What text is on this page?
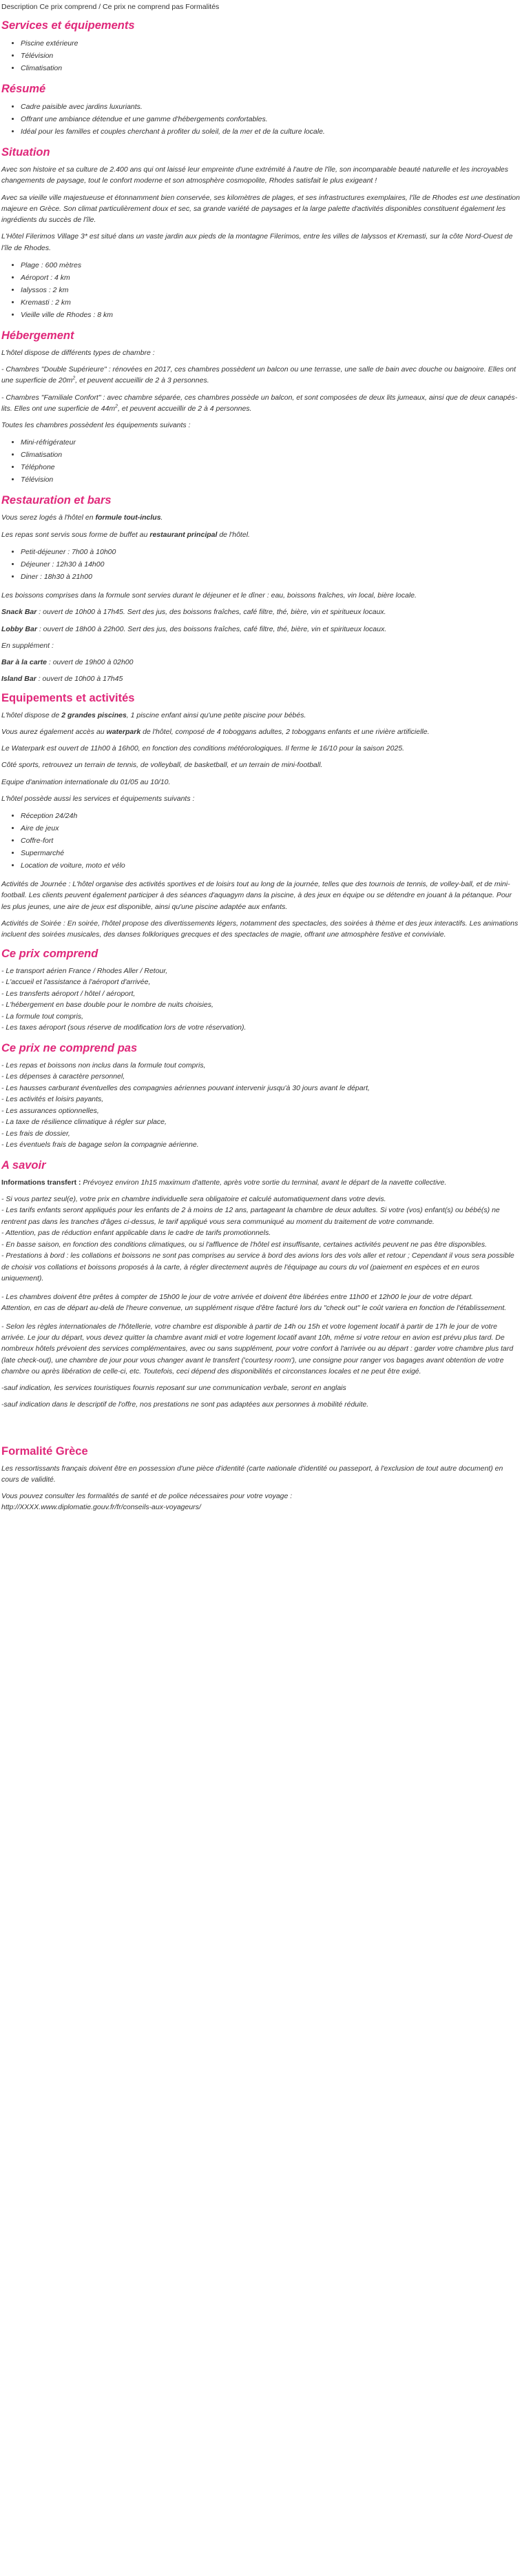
Description Ce prix comprend / Ce prix ne comprend pas Formalités
Services et équipements
• Piscine extérieure
• Télévision
• Climatisation
Résumé
• Cadre paisible avec jardins luxuriants.
• Offrant une ambiance détendue et une gamme d'hébergements confortables.
• Idéal pour les familles et couples cherchant à profiter du soleil, de la mer et de la culture locale.
Situation

Avec son histoire et sa culture de 2.400 ans qui ont laissé leur empreinte d'une extrémité à l'autre de l'île, son incomparable beauté naturelle et les incroyables changements de paysage, tout le confort moderne et son atmosphère cosmopolite, Rhodes satisfait le plus exigeant !

Avec sa vieille ville majestueuse et étonnamment bien conservée, ses kilomètres de plages, et ses infrastructures exemplaires, l'île de Rhodes est une destination majeure en Grèce. Son climat particulièrement doux et sec, sa grande variété de paysages et la large palette d'activités disponibles constituent également les ingrédients du succès de l'île.

L'Hôtel Filerimos Village 3* est situé dans un vaste jardin aux pieds de la montagne Filerimos, entre les villes de Ialyssos et Kremasti, sur la côte Nord-Ouest de l'île de Rhodes.

• Plage : 600 mètres
• Aéroport : 4 km
• Ialyssos : 2 km
• Kremasti : 2 km
• Vieille ville de Rhodes : 8 km
Hébergement

L'hôtel dispose de différents types de chambre :

- Chambres "Double Supérieure" : rénovées en 2017, ces chambres possèdent un balcon ou une terrasse, une salle de bain avec douche ou baignoire. Elles ont une superficie de $20m^2$, et peuvent accueillir de 2 à 3 personnes.

- Chambres "Familiale Confort" : avec chambre séparée, ces chambres possède un balcon, et sont composées de deux lits jumeaux, ainsi que de deux canapés-lits. Elles ont une superficie de $44m^2$, et peuvent accueillir de 2 à 4 personnes.

Toutes les chambres possèdent les équipements suivants :

• Mini-réfrigérateur
• Climatisation
• Téléphone
• Télévision
Restauration et bars

Vous serez logés à l'hôtel en formule tout-inclus.

Les repas sont servis sous forme de buffet au restaurant principal de l'hôtel.

• Petit-déjeuner : 7h00 à 10h00
• Déjeuner : 12h30 à 14h00
• Diner : 18h30 à 21h00

Les boissons comprises dans la formule sont servies durant le déjeuner et le dîner : eau, boissons fraîches, vin local, bière locale.

Snack Bar : ouvert de 10h00 à 17h45. Sert des jus, des boissons fraîches, café filtre, thé, bière, vin et spiritueux locaux.

Lobby Bar : ouvert de 18h00 à 22h00. Sert des jus, des boissons fraîches, café filtre, thé, bière, vin et spiritueux locaux.

En supplément :

Bar à la carte : ouvert de 19h00 à 02h00

Island Bar : ouvert de 10h00 à 17h45

Equipements et activités

L'hôtel dispose de 2 grandes piscines, 1 piscine enfant ainsi qu'une petite piscine pour bébés.

Vous aurez également accès au waterpark de l'hôtel, composé de 4 toboggans adultes, 2 toboggans enfants et une rivière artificielle.

Le Waterpark est ouvert de 11h00 à 16h00, en fonction des conditions météorologiques. Il ferme le 16/10 pour la saison 2025.

Côté sports, retrouvez un terrain de tennis, de volleyball, de basketball, et un terrain de mini-football.

Equipe d'animation internationale du 01/05 au 10/10.

L'hôtel possède aussi les services et équipements suivants :

• Réception 24/24h
• Aire de jeux
• Coffre-fort
• Supermarché
• Location de voiture, moto et vélo

Activités de Journée : L'hôtel organise des activités sportives et de loisirs tout au long de la journée, telles que des tournois de tennis, de volley-ball, et de mini-football. Les clients peuvent également participer à des séances d'aquagym dans la piscine, à des jeux en équipe ou se détendre en jouant à la pétanque. Pour les plus jeunes, une aire de jeux est disponible, ainsi qu'une piscine adaptée aux enfants.

Activités de Soirée : En soirée, l'hôtel propose des divertissements légers, notamment des spectacles, des soirées à thème et des jeux interactifs. Les animations incluent des soirées musicales, des danses folkloriques grecques et des spectacles de magie, offrant une atmosphère festive et conviviale.

Ce prix comprend
- Le transport aérien France / Rhodes Aller / Retour,
- L'accueil et l'assistance à l'aéroport d'arrivée,
- Les transferts aéroport / hôtel / aéroport,
- L'hébergement en base double pour le nombre de nuits choisies,
- La formule tout compris,
- Les taxes aéroport (sous réserve de modification lors de votre réservation).
Ce prix ne comprend pas
- Les repas et boissons non inclus dans la formule tout compris,
- Les dépenses à caractère personnel,
- Les hausses carburant éventuelles des compagnies aériennes pouvant intervenir jusqu'à 30 jours avant le départ,
- Les activités et loisirs payants,
- Les assurances optionnelles,
- La taxe de résilience climatique à régler sur place,
- Les frais de dossier,
- Les éventuels frais de bagage selon la compagnie aérienne.
A savoir

Informations transfert : Prévoyez environ 1h15 maximum d'attente, après votre sortie du terminal, avant le départ de la navette collective.

- Si vous partez seul(e), votre prix en chambre individuelle sera obligatoire et calculé automatiquement dans votre devis.
- Les tarifs enfants seront appliqués pour les enfants de 2 à moins de 12 ans, partageant la chambre de deux adultes. Si votre (vos) enfant(s) ou bébé(s) ne rentrent pas dans les tranches d'âges ci-dessus, le tarif appliqué vous sera communiqué au moment du traitement de votre commande.
- Attention, pas de réduction enfant applicable dans le cadre de tarifs promotionnels.
- En basse saison, en fonction des conditions climatiques, ou si l'affluence de l'hôtel est insuffisante, certaines activités peuvent ne pas être disponibles.
- Prestations à bord : les collations et boissons ne sont pas comprises au service à bord des avions lors des vols aller et retour ; Cependant il vous sera possible de choisir vos collations et boissons proposés à la carte, à régler directement auprès de l'équipage au cours du vol (paiement en espèces et en euros uniquement).
- Les chambres doivent être prêtes à compter de 15h00 le jour de votre arrivée et doivent être libérées entre 11h00 et 12h00 le jour de votre départ.
Attention, en cas de départ au-delà de l'heure convenue, un supplément risque d'être facturé lors du "check out" le coût variera en fonction de l'établissement.

- Selon les règles internationales de l'hôtellerie, votre chambre est disponible à partir de 14h ou 15h et votre logement locatif à partir de 17h le jour de votre arrivée. Le jour du départ, vous devez quitter la chambre avant midi et votre logement locatif avant 10h, même si votre retour en avion est prévu plus tard. De nombreux hôtels prévoient des services complémentaires, avec ou sans supplément, pour votre confort à l'arrivée ou au départ : garder votre chambre plus tard (late check-out), une chambre de jour pour vous changer avant le transfert ('courtesy room'), une consigne pour ranger vos bagages avant obtention de votre chambre ou après libération de celle-ci, etc. Toutefois, ceci dépend des disponibilités et circonstances locales et ne peut être exigé.

-sauf indication, les services touristiques fournis reposant sur une communication verbale, seront en anglais

-sauf indication dans le descriptif de l'offre, nos prestations ne sont pas adaptées aux personnes à mobilité réduite.

Formalité Grèce

Les ressortissants français doivent être en possession d'une pièce d'identité (carte nationale d'identité ou passeport, à l'exclusion de tout autre document) en cours de validité.

Vous pouvez consulter les formalités de santé et de police nécessaires pour votre voyage :

http://XXXX.www.diplomatie.gouv.fr/fr/conseils-aux-voyageurs/
